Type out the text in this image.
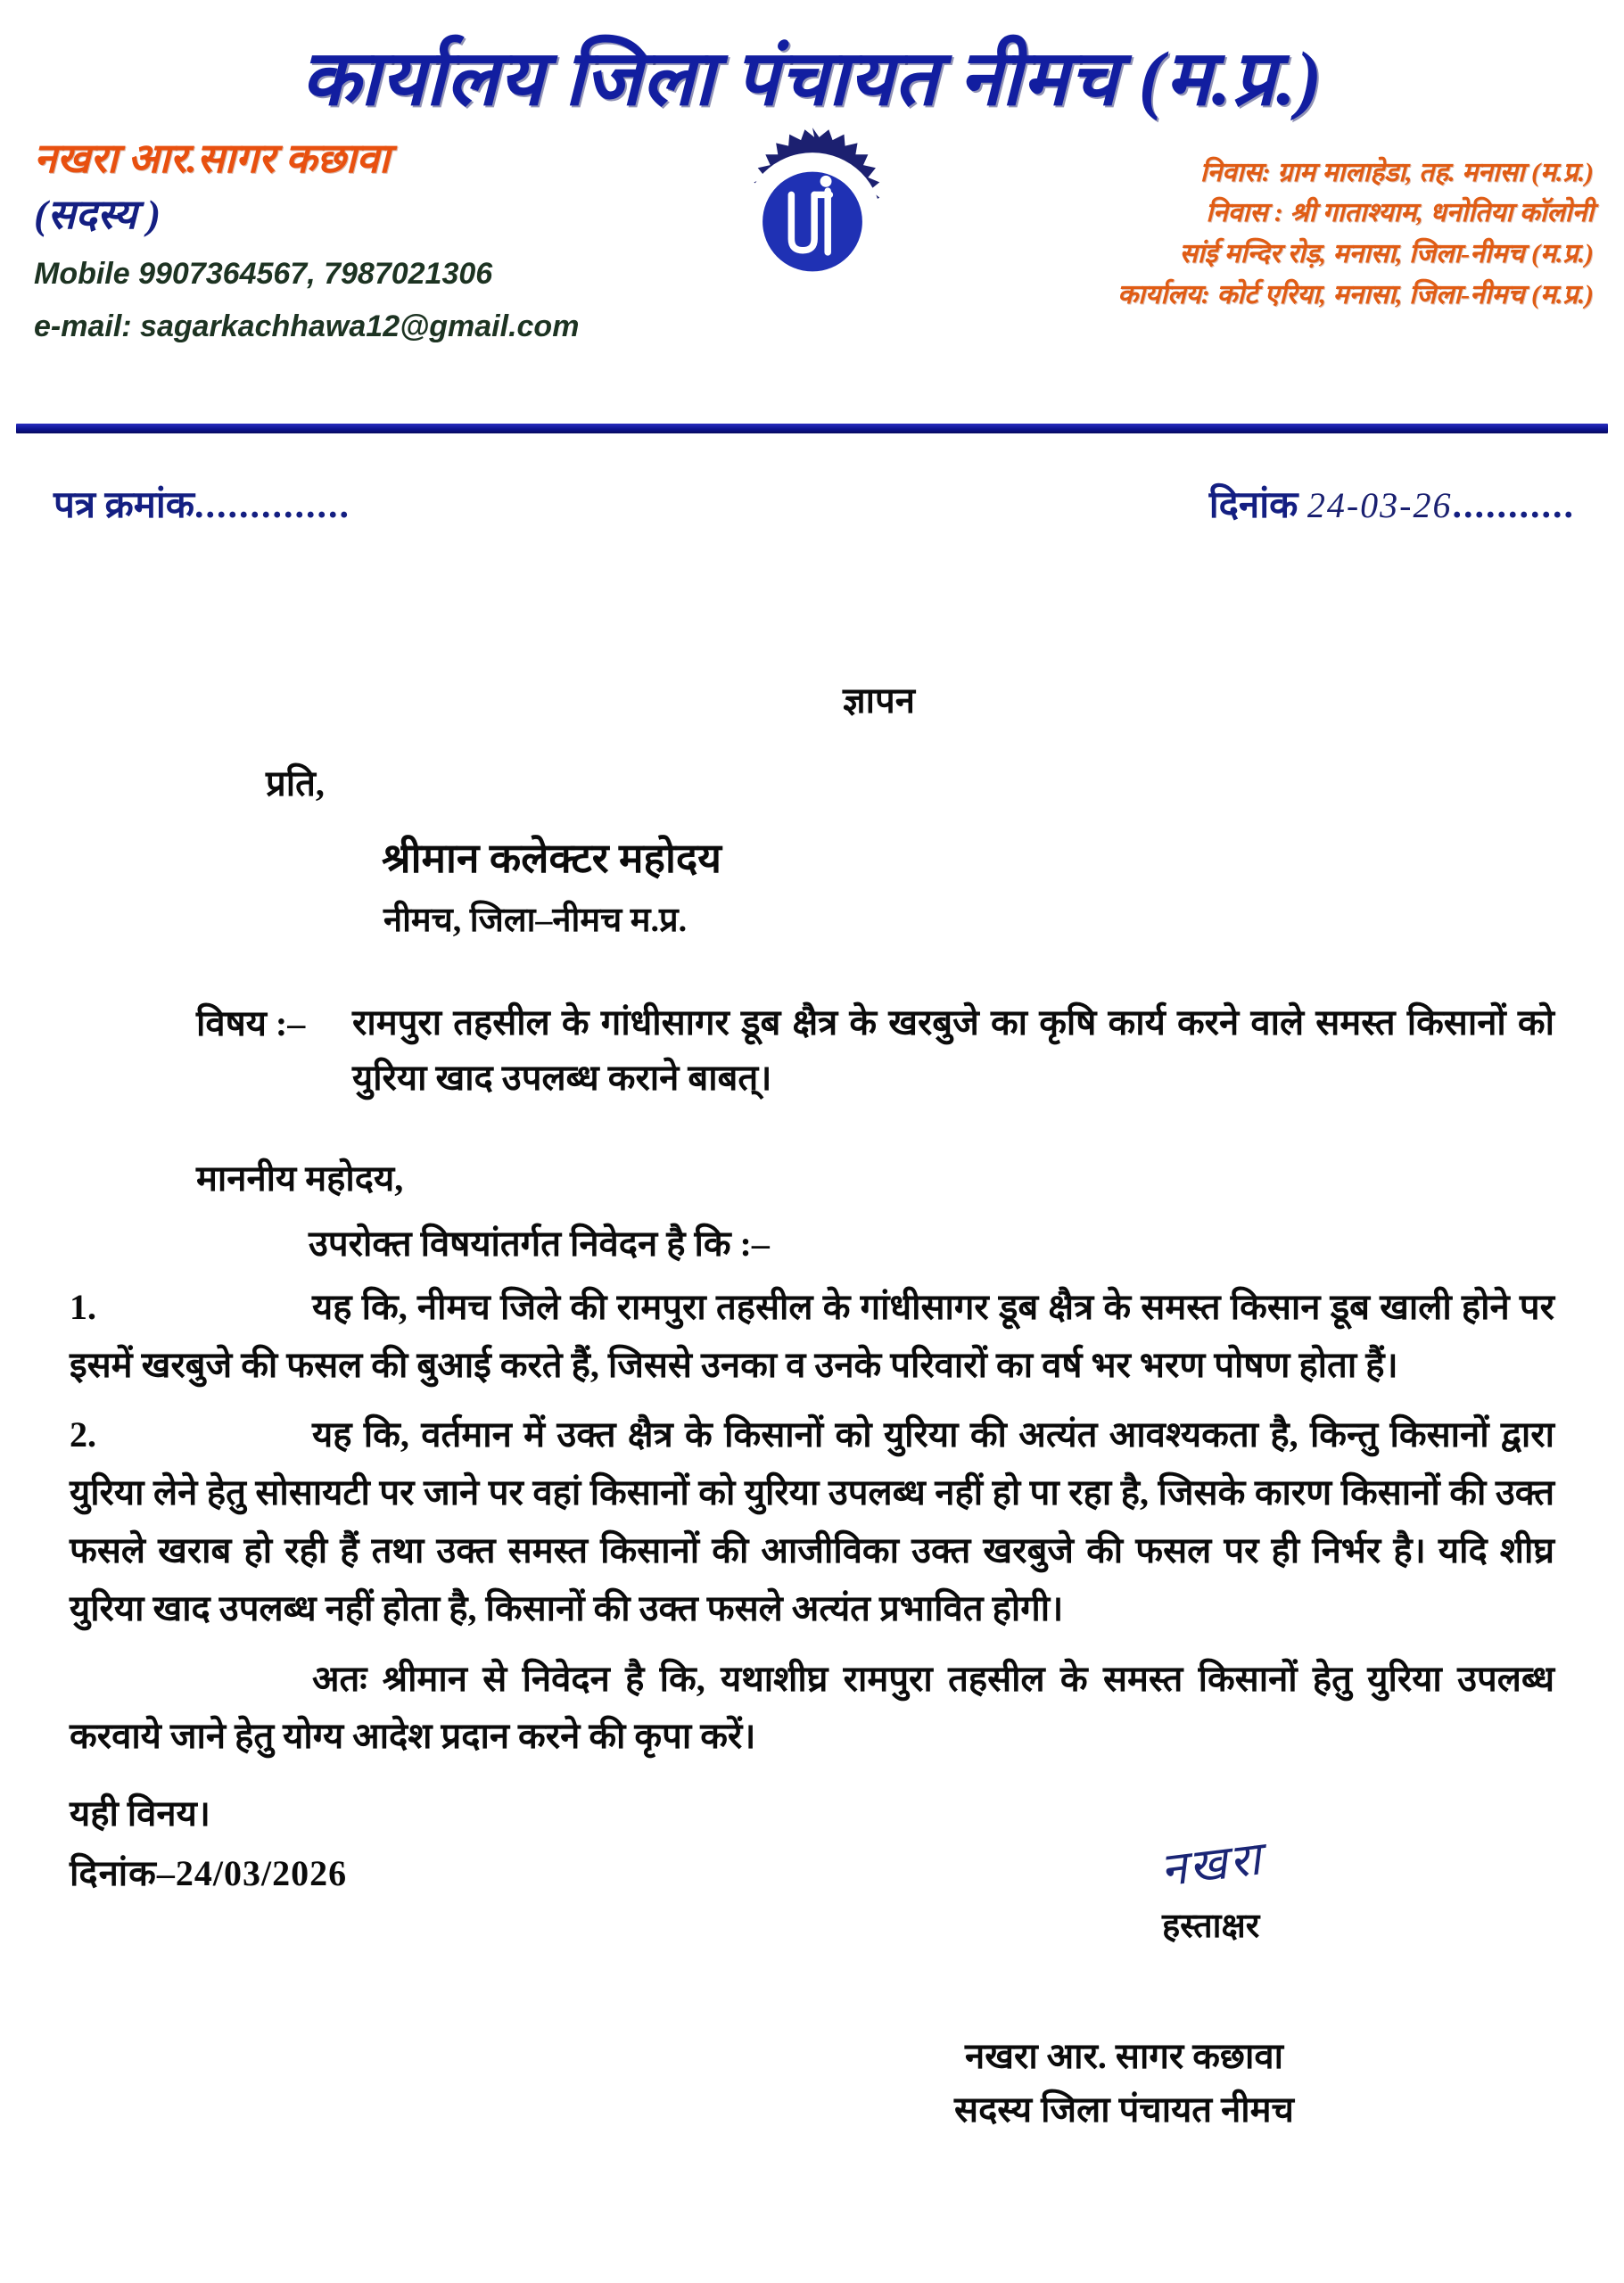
कार्यालय जिला पंचायत नीमच (म.प्र.)
नखरा आर.सागर कछावा
(सदस्य )
Mobile 9907364567, 7987021306
e-mail: sagarkachhawa12@gmail.com
निवास: ग्राम मालाहेडा, तह. मनासा (म.प्र.)
निवास : श्री गाताश्याम, धनोतिया कॉलोनी
सांई मन्दिर रोड़, मनासा, जिला-नीमच (म.प्र.)
कार्यालय: कोर्ट एरिया, मनासा, जिला-नीमच (म.प्र.)
पत्र क्रमांक..............	दिनांक 24-03-26...........
ज्ञापन
प्रति,
श्रीमान कलेक्टर महोदय
नीमच, जिला–नीमच म.प्र.
विषय :–	रामपुरा तहसील के गांधीसागर डूब क्षैत्र के खरबुजे का कृषि कार्य करने वाले समस्त किसानों को युरिया खाद उपलब्ध कराने बाबत्।
माननीय महोदय,
उपरोक्त विषयांतर्गत निवेदन है कि :–
1.	यह कि, नीमच जिले की रामपुरा तहसील के गांधीसागर डूब क्षैत्र के समस्त किसान डूब खाली होने पर इसमें खरबुजे की फसल की बुआई करते हैं, जिससे उनका व उनके परिवारों का वर्ष भर भरण पोषण होता हैं।
2.	यह कि, वर्तमान में उक्त क्षैत्र के किसानों को युरिया की अत्यंत आवश्यकता है, किन्तु किसानों द्वारा युरिया लेने हेतु सोसायटी पर जाने पर वहां किसानों को युरिया उपलब्ध नहीं हो पा रहा है, जिसके कारण किसानों की उक्त फसले खराब हो रही हैं तथा उक्त समस्त किसानों की आजीविका उक्त खरबुजे की फसल पर ही निर्भर है। यदि शीघ्र युरिया खाद उपलब्ध नहीं होता है, किसानों की उक्त फसले अत्यंत प्रभावित होगी।
अतः श्रीमान से निवेदन है कि, यथाशीघ्र रामपुरा तहसील के समस्त किसानों हेतु युरिया उपलब्ध करवाये जाने हेतु योग्य आदेश प्रदान करने की कृपा करें।
यही विनय।
दिनांक–24/03/2026	नखरा
हस्ताक्षर
नखरा आर. सागर कछावा
सदस्य जिला पंचायत नीमच
